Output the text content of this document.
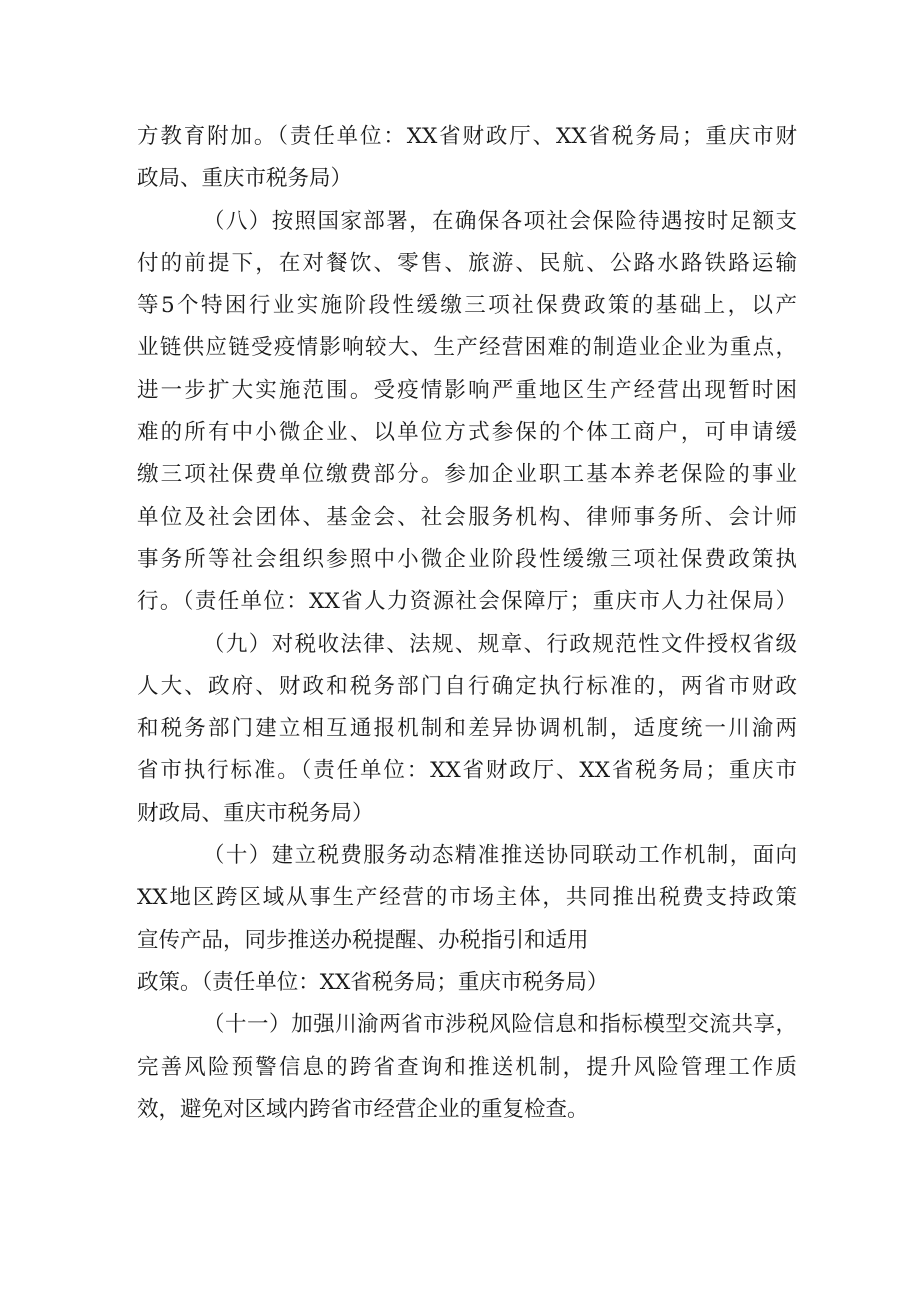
方教育附加。（责任单位：XX省财政厅、XX省税务局；重庆市财
政局、重庆市税务局）
（八）按照国家部署，在确保各项社会保险待遇按时足额支
付的前提下，在对餐饮、零售、旅游、民航、公路水路铁路运输
等5个特困行业实施阶段性缓缴三项社保费政策的基础上，以产
业链供应链受疫情影响较大、生产经营困难的制造业企业为重点，
进一步扩大实施范围。受疫情影响严重地区生产经营出现暂时困
难的所有中小微企业、以单位方式参保的个体工商户，可申请缓
缴三项社保费单位缴费部分。参加企业职工基本养老保险的事业
单位及社会团体、基金会、社会服务机构、律师事务所、会计师
事务所等社会组织参照中小微企业阶段性缓缴三项社保费政策执
行。（责任单位：XX省人力资源社会保障厅；重庆市人力社保局）
（九）对税收法律、法规、规章、行政规范性文件授权省级
人大、政府、财政和税务部门自行确定执行标准的，两省市财政
和税务部门建立相互通报机制和差异协调机制，适度统一川渝两
省市执行标准。（责任单位：XX省财政厅、XX省税务局；重庆市
财政局、重庆市税务局）
（十）建立税费服务动态精准推送协同联动工作机制，面向
XX地区跨区域从事生产经营的市场主体，共同推出税费支持政策
宣传产品，同步推送办税提醒、办税指引和适用
政策。（责任单位：XX省税务局；重庆市税务局）
（十一）加强川渝两省市涉税风险信息和指标模型交流共享，
完善风险预警信息的跨省查询和推送机制，提升风险管理工作质
效，避免对区域内跨省市经营企业的重复检查。
